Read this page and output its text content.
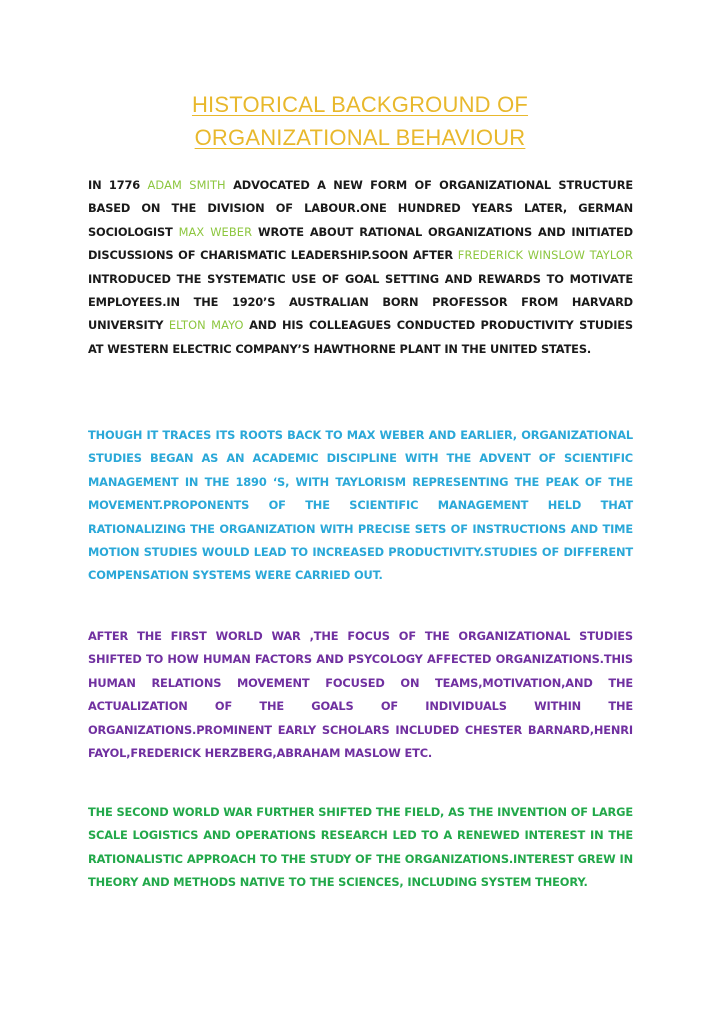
HISTORICAL BACKGROUND OF
ORGANIZATIONAL BEHAVIOUR

IN 1776 ADAM SMITH ADVOCATED A NEW FORM OF ORGANIZATIONAL STRUCTURE BASED ON THE DIVISION OF LABOUR.ONE HUNDRED YEARS LATER, GERMAN SOCIOLOGIST MAX WEBER WROTE ABOUT RATIONAL ORGANIZATIONS AND INITIATED DISCUSSIONS OF CHARISMATIC LEADERSHIP.SOON AFTER FREDERICK WINSLOW TAYLOR INTRODUCED THE SYSTEMATIC USE OF GOAL SETTING AND REWARDS TO MOTIVATE EMPLOYEES.IN THE 1920’S AUSTRALIAN BORN PROFESSOR FROM HARVARD UNIVERSITY ELTON MAYO AND HIS COLLEAGUES CONDUCTED PRODUCTIVITY STUDIES AT WESTERN ELECTRIC COMPANY’S HAWTHORNE PLANT IN THE UNITED STATES.

THOUGH IT TRACES ITS ROOTS BACK TO MAX WEBER AND EARLIER, ORGANIZATIONAL STUDIES BEGAN AS AN ACADEMIC DISCIPLINE WITH THE ADVENT OF SCIENTIFIC MANAGEMENT IN THE 1890 ‘S, WITH TAYLORISM REPRESENTING THE PEAK OF THE MOVEMENT.PROPONENTS OF THE SCIENTIFIC MANAGEMENT HELD THAT RATIONALIZING THE ORGANIZATION WITH PRECISE SETS OF INSTRUCTIONS AND TIME MOTION STUDIES WOULD LEAD TO INCREASED PRODUCTIVITY.STUDIES OF DIFFERENT COMPENSATION SYSTEMS WERE CARRIED OUT.

AFTER THE FIRST WORLD WAR ,THE FOCUS OF THE ORGANIZATIONAL STUDIES SHIFTED TO HOW HUMAN FACTORS AND PSYCOLOGY AFFECTED ORGANIZATIONS.THIS HUMAN RELATIONS MOVEMENT FOCUSED ON TEAMS,MOTIVATION,AND THE ACTUALIZATION OF THE GOALS OF INDIVIDUALS WITHIN THE ORGANIZATIONS.PROMINENT EARLY SCHOLARS INCLUDED CHESTER BARNARD,HENRI FAYOL,FREDERICK HERZBERG,ABRAHAM MASLOW ETC.

THE SECOND WORLD WAR FURTHER SHIFTED THE FIELD, AS THE INVENTION OF LARGE SCALE LOGISTICS AND OPERATIONS RESEARCH LED TO A RENEWED INTEREST IN THE RATIONALISTIC APPROACH TO THE STUDY OF THE ORGANIZATIONS.INTEREST GREW IN THEORY AND METHODS NATIVE TO THE SCIENCES, INCLUDING SYSTEM THEORY.
